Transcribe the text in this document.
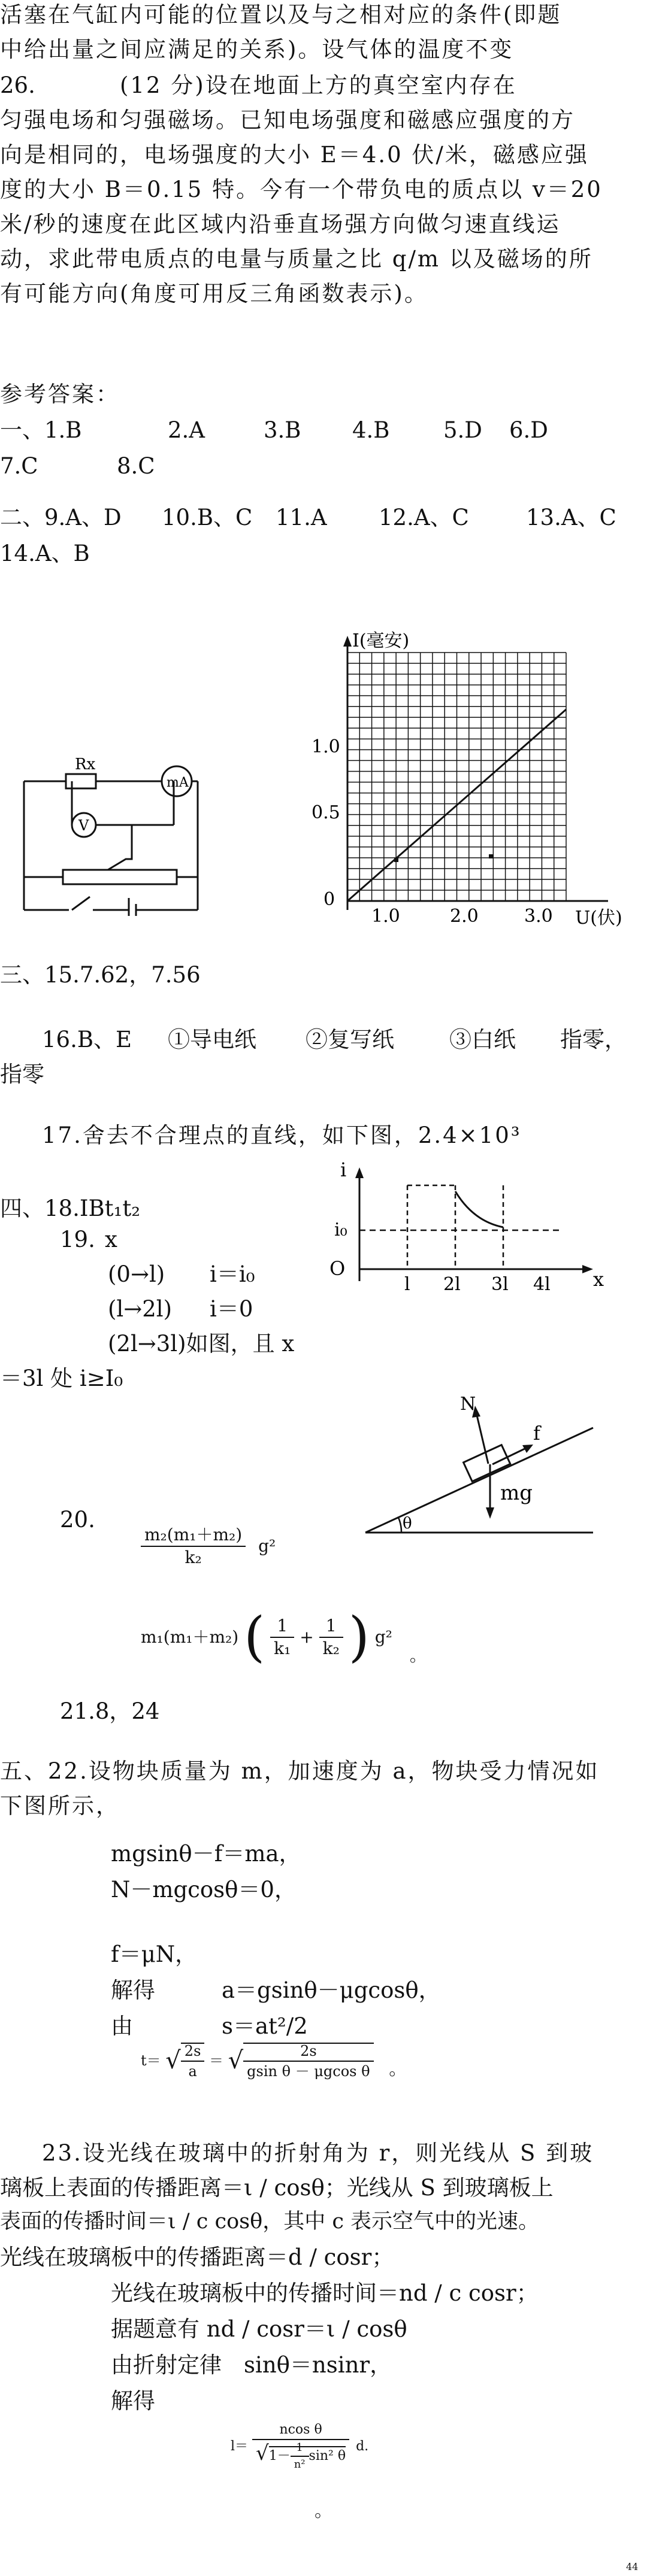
活塞在气缸内可能的位置以及与之相对应的条件(即题
中给出量之间应满足的关系)。设气体的温度不变
26.	(12 分)设在地面上方的真空室内存在
匀强电场和匀强磁场。已知电场强度和磁感应强度的方
向是相同的，电场强度的大小 E＝4.0 伏/米，磁感应强
度的大小 B＝0.15 特。今有一个带负电的质点以 v＝20
米/秒的速度在此区域内沿垂直场强方向做匀速直线运
动，求此带电质点的电量与质量之比 q/m 以及磁场的所
有可能方向(角度可用反三角函数表示)。
参考答案：
一、1.B	2.A	3.B 4.B 5.D 6.D
7.C	8.C
二、9.A、D 10.B、C 11.A 12.A、C	13.A、C
14.A、B
Rx
mA
V
I(毫安)
U(伏)
0
0.5
1.0
1.0	2.0	3.0
三、15.7.62，7.56
16.B、E ①导电纸 ②复写纸 ③白纸 指零，
指零
17.舍去不合理点的直线，如下图，2.4×10³
四、18.IBt₁t₂
19. x
(0→l) i＝i₀
(l→2l) i＝0
(2l→3l)如图，且 x
＝3l 处 i≥I₀
i
i₀
O	x
l 2l 3l 4l
N
f
mg
θ
20.
$\frac{\text{m₂(m₁＋m₂)}}{\text{k₂}} g^2$
m₁(m₁＋m₂) ( $\frac{1}{\text{k₁}} + \frac{1}{\text{k₂}}$ ) g² 。
21.8，24
五、22.设物块质量为 m，加速度为 a，物块受力情况如
下图所示，
mgsinθ－f＝ma，
N－mgcosθ＝0，
f＝μN，
解得	a＝gsinθ－μgcosθ，
由	s＝at²/2
t＝ √ $\frac{2s}{a}$ ＝ √ $\frac{2s}{\text{gsin θ － μgcos θ}}$ 。
23.设光线在玻璃中的折射角为 r，则光线从 S 到玻
璃板上表面的传播距离＝ι / cosθ；光线从 S 到玻璃板上
表面的传播时间＝ι / c cosθ，其中 c 表示空气中的光速。
光线在玻璃板中的传播距离＝d / cosr；
光线在玻璃板中的传播时间＝nd / c cosr；
据题意有 nd / cosr＝ι / cosθ
由折射定律　sinθ＝nsinr，
解得
$l= \frac{\text{ncos θ}}{√1- \frac{1}{\text{n²}} \sin^2 \theta} d$.
。
44
